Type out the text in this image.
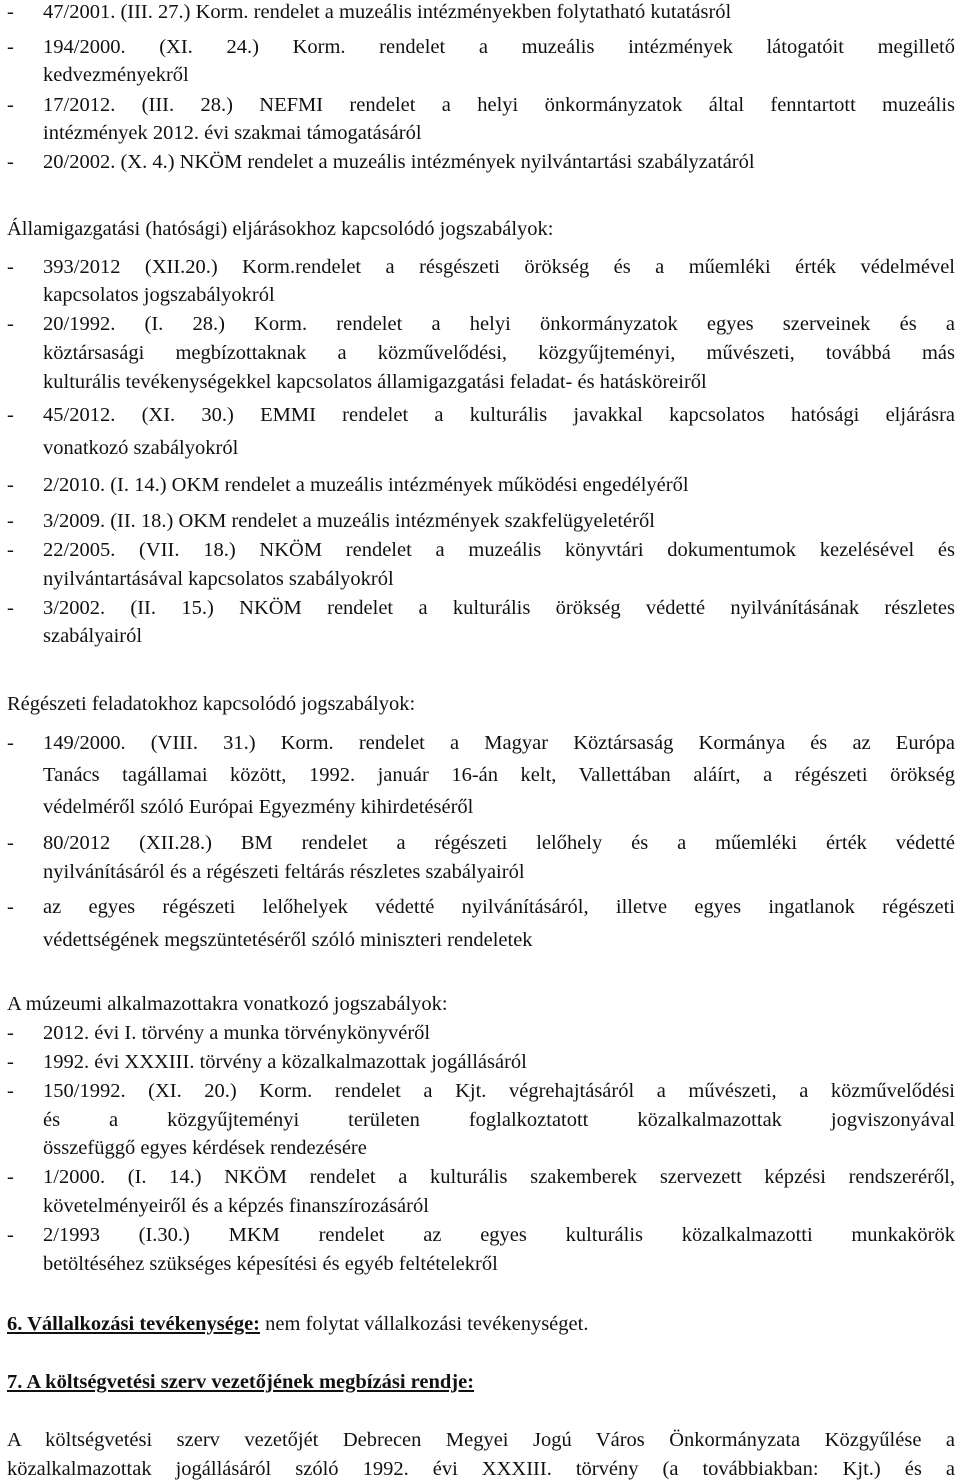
-	47/2001. (III. 27.) Korm. rendelet a muzeális intézményekben folytatható kutatásról
-	194/2000. (XI. 24.) Korm. rendelet a muzeális intézmények látogatóit megillető
kedvezményekről
-	17/2012. (III. 28.) NEFMI rendelet a helyi önkormányzatok által fenntartott muzeális
intézmények 2012. évi szakmai támogatásáról
-	20/2002. (X. 4.) NKÖM rendelet a muzeális intézmények nyilvántartási szabályzatáról
Államigazgatási (hatósági) eljárásokhoz kapcsolódó jogszabályok:
-	393/2012 (XII.20.) Korm.rendelet a résgészeti örökség és a műemléki érték védelmével
kapcsolatos jogszabályokról
-	20/1992. (I. 28.) Korm. rendelet a helyi önkormányzatok egyes szerveinek és a
köztársasági megbízottaknak a közművelődési, közgyűjteményi, művészeti, továbbá más
kulturális tevékenységekkel kapcsolatos államigazgatási feladat- és hatásköreiről
-	45/2012. (XI. 30.) EMMI rendelet a kulturális javakkal kapcsolatos hatósági eljárásra
vonatkozó szabályokról
-	2/2010. (I. 14.) OKM rendelet a muzeális intézmények működési engedélyéről
-	3/2009. (II. 18.) OKM rendelet a muzeális intézmények szakfelügyeletéről
-	22/2005. (VII. 18.) NKÖM rendelet a muzeális könyvtári dokumentumok kezelésével és
nyilvántartásával kapcsolatos szabályokról
-	3/2002. (II. 15.) NKÖM rendelet a kulturális örökség védetté nyilvánításának részletes
szabályairól
Régészeti feladatokhoz kapcsolódó jogszabályok:
-	149/2000. (VIII. 31.) Korm. rendelet a Magyar Köztársaság Kormánya és az Európa
Tanács tagállamai között, 1992. január 16-án kelt, Vallettában aláírt, a régészeti örökség
védelméről szóló Európai Egyezmény kihirdetéséről
-	80/2012 (XII.28.) BM rendelet a régészeti lelőhely és a műemléki érték védetté
nyilvánításáról és a régészeti feltárás részletes szabályairól
-	az egyes régészeti lelőhelyek védetté nyilvánításáról, illetve egyes ingatlanok régészeti
védettségének megszüntetéséről szóló miniszteri rendeletek
A múzeumi alkalmazottakra vonatkozó jogszabályok:
-	2012. évi I. törvény a munka törvénykönyvéről
-	1992. évi XXXIII. törvény a közalkalmazottak jogállásáról
-	150/1992. (XI. 20.) Korm. rendelet a Kjt. végrehajtásáról a művészeti, a közművelődési
és a közgyűjteményi területen foglalkoztatott közalkalmazottak jogviszonyával
összefüggő egyes kérdések rendezésére
-	1/2000. (I. 14.) NKÖM rendelet a kulturális szakemberek szervezett képzési rendszeréről,
követelményeiről és a képzés finanszírozásáról
-	2/1993 (I.30.) MKM rendelet az egyes kulturális közalkalmazotti munkakörök
betöltéséhez szükséges képesítési és egyéb feltételekről
6. Vállalkozási tevékenysége: nem folytat vállalkozási tevékenységet.
7. A költségvetési szerv vezetőjének megbízási rendje:
A költségvetési szerv vezetőjét Debrecen Megyei Jogú Város Önkormányzata Közgyűlése a
közalkalmazottak jogállásáról szóló 1992. évi XXXIII. törvény (a továbbiakban: Kjt.) és a
